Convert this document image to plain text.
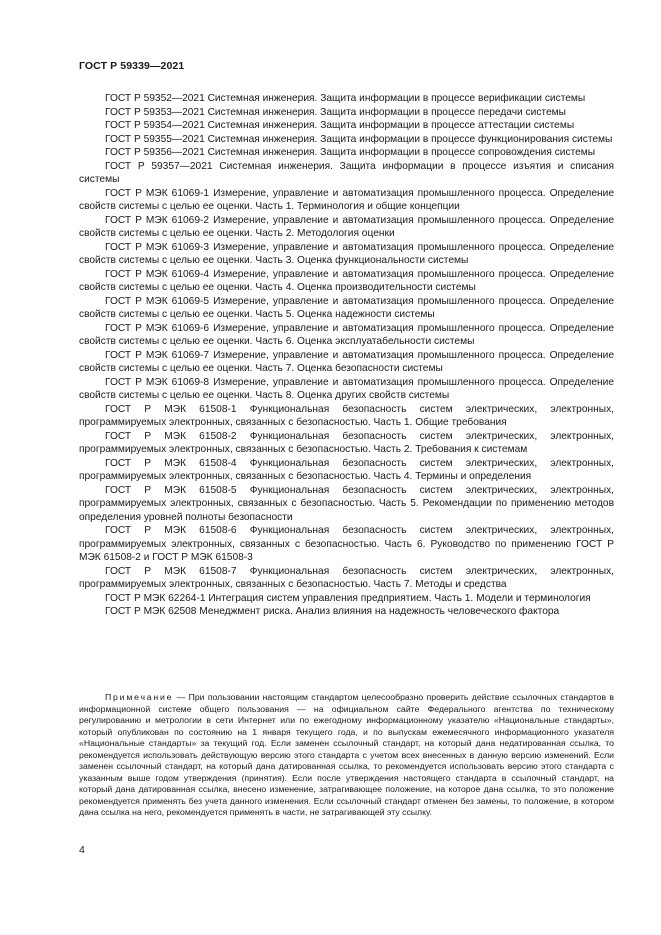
ГОСТ Р 59339—2021

ГОСТ Р 59352—2021 Системная инженерия. Защита информации в процессе верификации системы

ГОСТ Р 59353—2021 Системная инженерия. Защита информации в процессе передачи системы

ГОСТ Р 59354—2021 Системная инженерия. Защита информации в процессе аттестации системы

ГОСТ Р 59355—2021 Системная инженерия. Защита информации в процессе функционирования системы

ГОСТ Р 59356—2021 Системная инженерия. Защита информации в процессе сопровождения системы

ГОСТ Р 59357—2021 Системная инженерия. Защита информации в процессе изъятия и списания системы

ГОСТ Р МЭК 61069-1 Измерение, управление и автоматизация промышленного процесса. Определение свойств системы с целью ее оценки. Часть 1. Терминология и общие концепции

ГОСТ Р МЭК 61069-2 Измерение, управление и автоматизация промышленного процесса. Определение свойств системы с целью ее оценки. Часть 2. Методология оценки

ГОСТ Р МЭК 61069-3 Измерение, управление и автоматизация промышленного процесса. Определение свойств системы с целью ее оценки. Часть 3. Оценка функциональности системы

ГОСТ Р МЭК 61069-4 Измерение, управление и автоматизация промышленного процесса. Определение свойств системы с целью ее оценки. Часть 4. Оценка производительности системы

ГОСТ Р МЭК 61069-5 Измерение, управление и автоматизация промышленного процесса. Определение свойств системы с целью ее оценки. Часть 5. Оценка надежности системы

ГОСТ Р МЭК 61069-6 Измерение, управление и автоматизация промышленного процесса. Определение свойств системы с целью ее оценки. Часть 6. Оценка эксплуатабельности системы

ГОСТ Р МЭК 61069-7 Измерение, управление и автоматизация промышленного процесса. Определение свойств системы с целью ее оценки. Часть 7. Оценка безопасности системы

ГОСТ Р МЭК 61069-8 Измерение, управление и автоматизация промышленного процесса. Определение свойств системы с целью ее оценки. Часть 8. Оценка других свойств системы

ГОСТ Р МЭК 61508-1 Функциональная безопасность систем электрических, электронных, программируемых электронных, связанных с безопасностью. Часть 1. Общие требования

ГОСТ Р МЭК 61508-2 Функциональная безопасность систем электрических, электронных, программируемых электронных, связанных с безопасностью. Часть 2. Требования к системам

ГОСТ Р МЭК 61508-4 Функциональная безопасность систем электрических, электронных, программируемых электронных, связанных с безопасностью. Часть 4. Термины и определения

ГОСТ Р МЭК 61508-5 Функциональная безопасность систем электрических, электронных, программируемых электронных, связанных с безопасностью. Часть 5. Рекомендации по применению методов определения уровней полноты безопасности

ГОСТ Р МЭК 61508-6 Функциональная безопасность систем электрических, электронных, программируемых электронных, связанных с безопасностью. Часть 6. Руководство по применению ГОСТ Р МЭК 61508-2 и ГОСТ Р МЭК 61508-3

ГОСТ Р МЭК 61508-7 Функциональная безопасность систем электрических, электронных, программируемых электронных, связанных с безопасностью. Часть 7. Методы и средства

ГОСТ Р МЭК 62264-1 Интеграция систем управления предприятием. Часть 1. Модели и терминология

ГОСТ Р МЭК 62508 Менеджмент риска. Анализ влияния на надежность человеческого фактора

Примечание — При пользовании настоящим стандартом целесообразно проверить действие ссылочных стандартов в информационной системе общего пользования — на официальном сайте Федерального агентства по техническому регулированию и метрологии в сети Интернет или по ежегодному информационному указателю «Национальные стандарты», который опубликован по состоянию на 1 января текущего года, и по выпускам ежемесячного информационного указателя «Национальные стандарты» за текущий год. Если заменен ссылочный стандарт, на который дана недатированная ссылка, то рекомендуется использовать действующую версию этого стандарта с учетом всех внесенных в данную версию изменений. Если заменен ссылочный стандарт, на который дана датированная ссылка, то рекомендуется использовать версию этого стандарта с указанным выше годом утверждения (принятия). Если после утверждения настоящего стандарта в ссылочный стандарт, на который дана датированная ссылка, внесено изменение, затрагивающее положение, на которое дана ссылка, то это положение рекомендуется применять без учета данного изменения. Если ссылочный стандарт отменен без замены, то положение, в котором дана ссылка на него, рекомендуется применять в части, не затрагивающей эту ссылку.

4
